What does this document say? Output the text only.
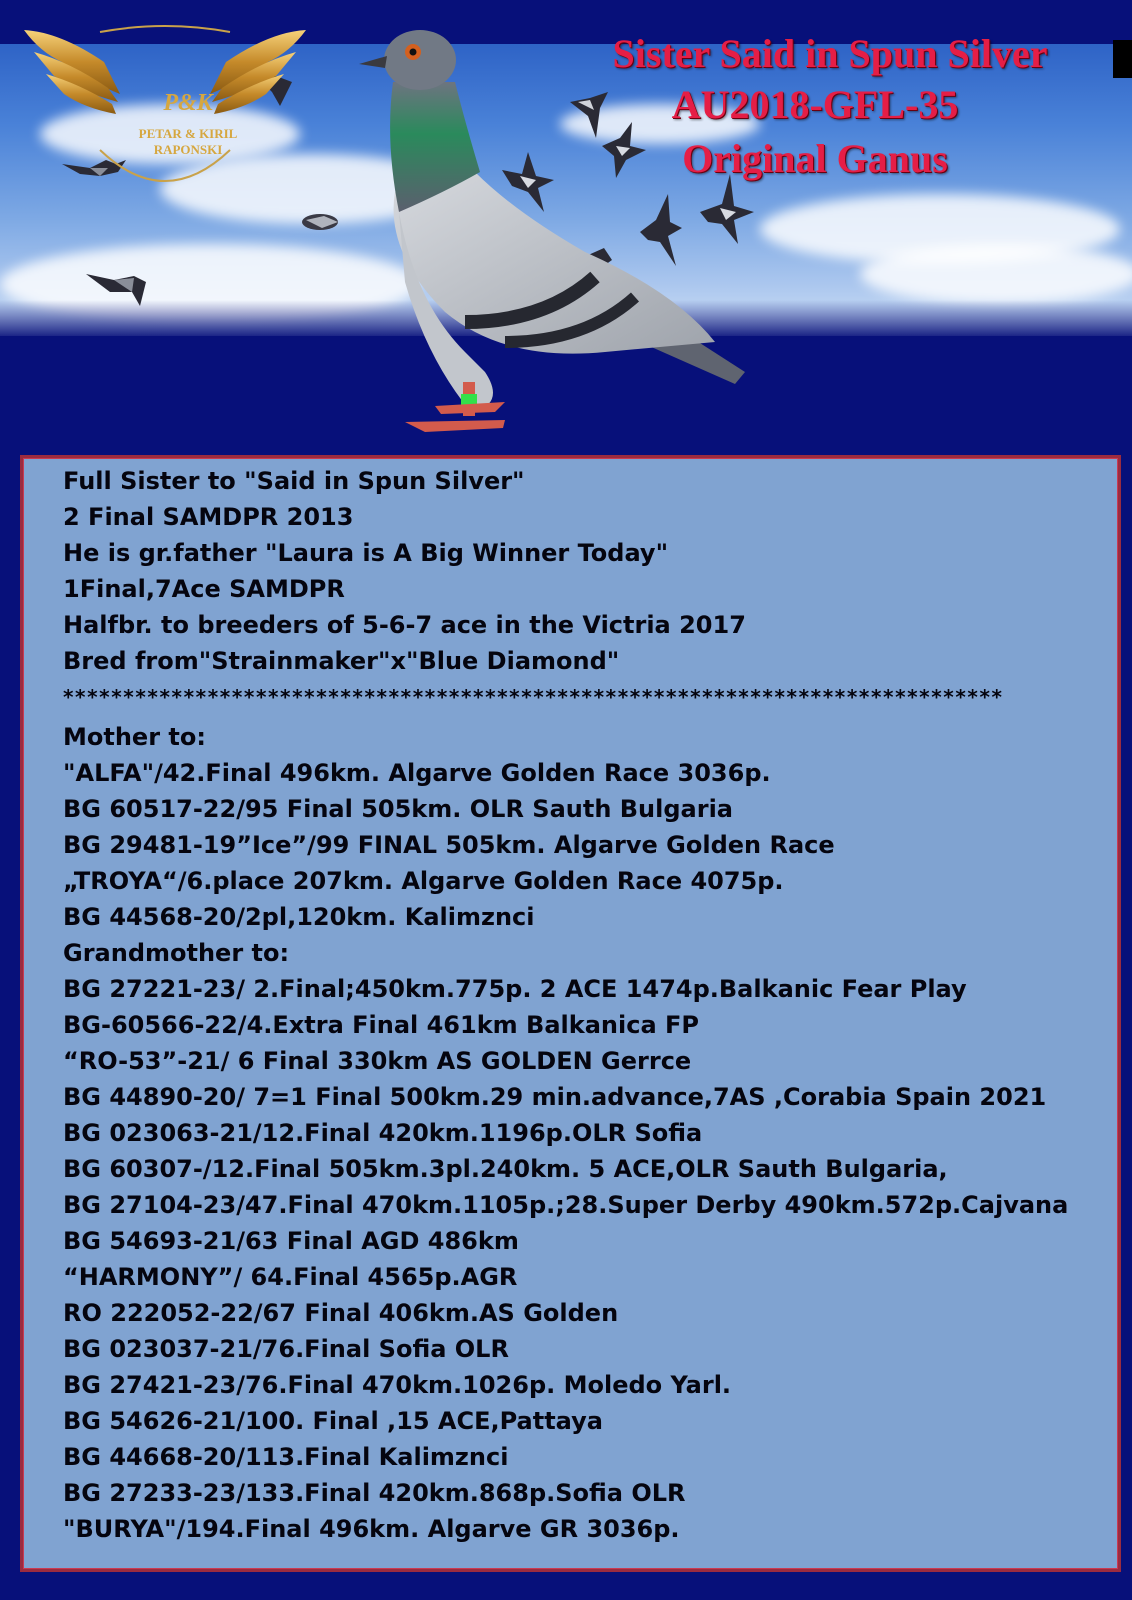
P&K
PETAR & KIRIL
RAPONSKI
Sister Said in Spun Silver
AU2018-GFL-35
Original Ganus
Full Sister to "Said in Spun Silver"
2 Final SAMDPR 2013
He is gr.father "Laura is A Big Winner Today"
1Final,7Ace SAMDPR
Halfbr. to breeders of 5-6-7 ace in the Victria 2017
Bred from"Strainmaker"x"Blue Diamond"
******************************************************************************
Mother to:
"ALFA"/42.Final 496km. Algarve Golden Race 3036p.
BG 60517-22/95 Final 505km. OLR Sauth Bulgaria
BG 29481-19”Ice”/99 FINAL 505km. Algarve Golden Race
„TROYA“/6.place 207km. Algarve Golden Race 4075p.
BG 44568-20/2pl,120km. Kalimznci
Grandmother to:
BG 27221-23/ 2.Final;450km.775p. 2 ACE 1474p.Balkanic Fear Play
BG-60566-22/4.Extra Final 461km Balkanica FP
“RO-53”-21/ 6 Final 330km AS GOLDEN Gerrce
BG 44890-20/ 7=1 Final 500km.29 min.advance,7AS ,Corabia Spain 2021
BG 023063-21/12.Final 420km.1196p.OLR Sofia
BG 60307-/12.Final 505km.3pl.240km. 5 ACE,OLR Sauth Bulgaria,
BG 27104-23/47.Final 470km.1105p.;28.Super Derby 490km.572p.Cajvana
BG 54693-21/63 Final AGD 486km
“HARMONY”/ 64.Final 4565p.AGR
RO 222052-22/67 Final 406km.AS Golden
BG 023037-21/76.Final Sofia OLR
BG 27421-23/76.Final 470km.1026p. Moledo Yarl.
BG 54626-21/100. Final ,15 ACE,Pattaya
BG 44668-20/113.Final Kalimznci
BG 27233-23/133.Final 420km.868p.Sofia OLR
"BURYA"/194.Final 496km. Algarve GR 3036p.
